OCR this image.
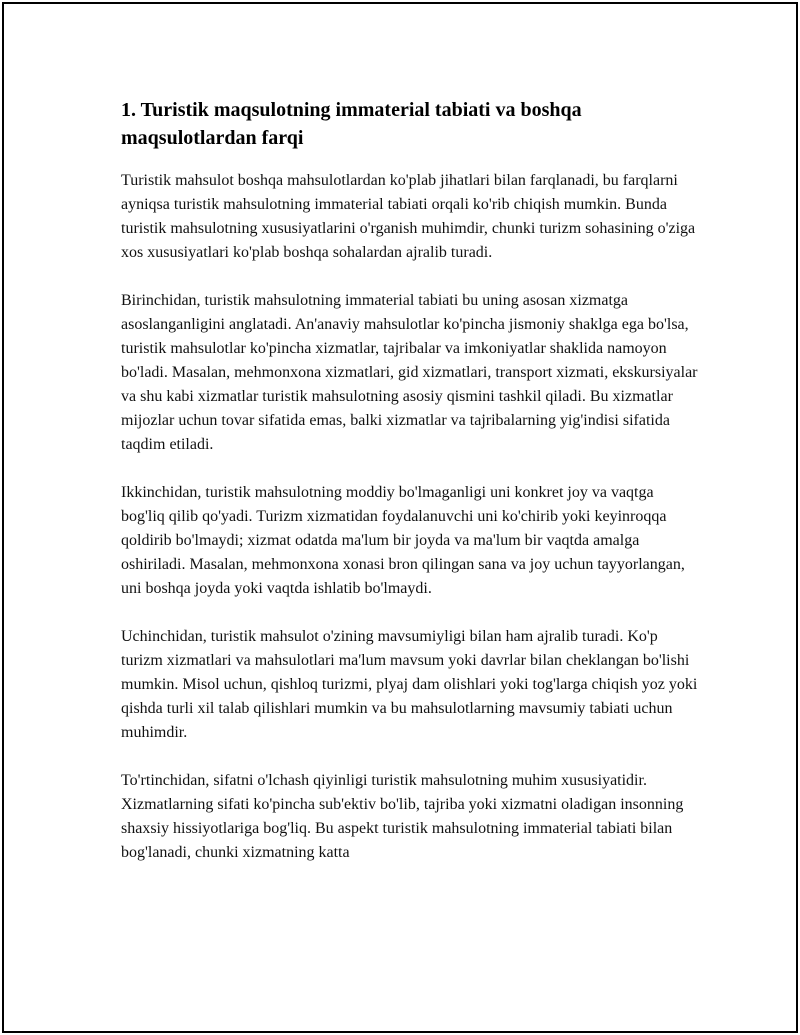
1. Turistik maqsulotning immaterial tabiati va boshqa maqsulotlardan farqi

Turistik mahsulot boshqa mahsulotlardan ko'plab jihatlari bilan farqlanadi, bu farqlarni ayniqsa turistik mahsulotning immaterial tabiati orqali ko'rib chiqish mumkin. Bunda turistik mahsulotning xususiyatlarini o'rganish muhimdir, chunki turizm sohasining o'ziga xos xususiyatlari ko'plab boshqa sohalardan ajralib turadi.

Birinchidan, turistik mahsulotning immaterial tabiati bu uning asosan xizmatga asoslanganligini anglatadi. An'anaviy mahsulotlar ko'pincha jismoniy shaklga ega bo'lsa, turistik mahsulotlar ko'pincha xizmatlar, tajribalar va imkoniyatlar shaklida namoyon bo'ladi. Masalan, mehmonxona xizmatlari, gid xizmatlari, transport xizmati, ekskursiyalar va shu kabi xizmatlar turistik mahsulotning asosiy qismini tashkil qiladi. Bu xizmatlar mijozlar uchun tovar sifatida emas, balki xizmatlar va tajribalarning yig'indisi sifatida taqdim etiladi.

Ikkinchidan, turistik mahsulotning moddiy bo'lmaganligi uni konkret joy va vaqtga bog'liq qilib qo'yadi. Turizm xizmatidan foydalanuvchi uni ko'chirib yoki keyinroqqa qoldirib bo'lmaydi; xizmat odatda ma'lum bir joyda va ma'lum bir vaqtda amalga oshiriladi. Masalan, mehmonxona xonasi bron qilingan sana va joy uchun tayyorlangan, uni boshqa joyda yoki vaqtda ishlatib bo'lmaydi.

Uchinchidan, turistik mahsulot o'zining mavsumiyligi bilan ham ajralib turadi. Ko'p turizm xizmatlari va mahsulotlari ma'lum mavsum yoki davrlar bilan cheklangan bo'lishi mumkin. Misol uchun, qishloq turizmi, plyaj dam olishlari yoki tog'larga chiqish yoz yoki qishda turli xil talab qilishlari mumkin va bu mahsulotlarning mavsumiy tabiati uchun muhimdir.

To'rtinchidan, sifatni o'lchash qiyinligi turistik mahsulotning muhim xususiyatidir. Xizmatlarning sifati ko'pincha sub'ektiv bo'lib, tajriba yoki xizmatni oladigan insonning shaxsiy hissiyotlariga bog'liq. Bu aspekt turistik mahsulotning immaterial tabiati bilan bog'lanadi, chunki xizmatning katta
